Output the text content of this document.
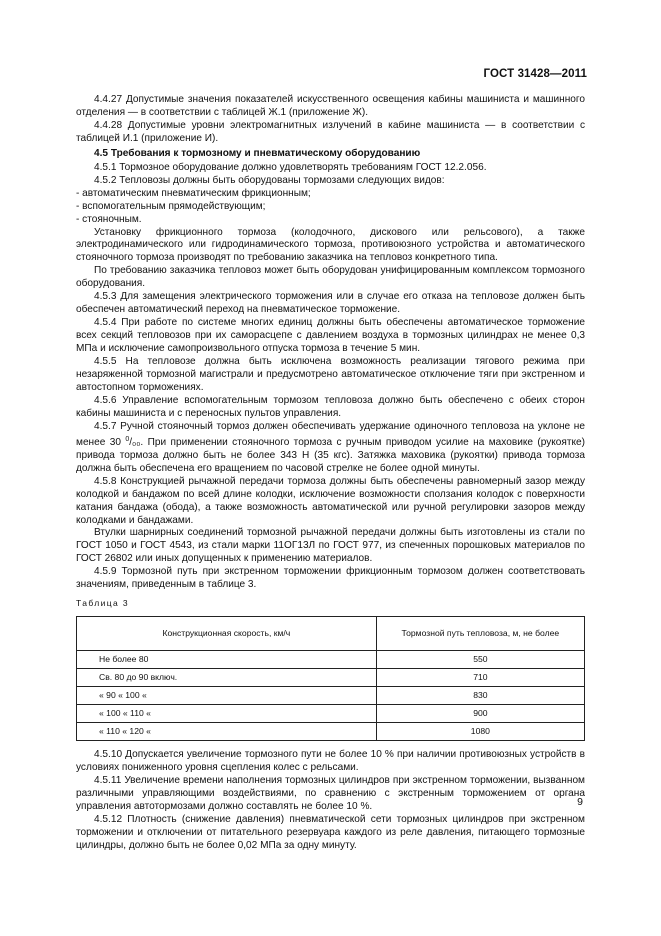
ГОСТ 31428—2011

4.4.27 Допустимые значения показателей искусственного освещения кабины машиниста и машинного отделения — в соответствии с таблицей Ж.1 (приложение Ж).

4.4.28 Допустимые уровни электромагнитных излучений в кабине машиниста — в соответствии с таблицей И.1 (приложение И).

4.5 Требования к тормозному и пневматическому оборудованию

4.5.1 Тормозное оборудование должно удовлетворять требованиям ГОСТ 12.2.056.

4.5.2 Тепловозы должны быть оборудованы тормозами следующих видов:

- автоматическим пневматическим фрикционным;

- вспомогательным прямодействующим;

- стояночным.

Установку фрикционного тормоза (колодочного, дискового или рельсового), а также электродинамического или гидродинамического тормоза, противоюзного устройства и автоматического стояночного тормоза производят по требованию заказчика на тепловоз конкретного типа.

По требованию заказчика тепловоз может быть оборудован унифицированным комплексом тормозного оборудования.

4.5.3 Для замещения электрического торможения или в случае его отказа на тепловозе должен быть обеспечен автоматический переход на пневматическое торможение.

4.5.4 При работе по системе многих единиц должны быть обеспечены автоматическое торможение всех секций тепловозов при их саморасцепе с давлением воздуха в тормозных цилиндрах не менее 0,3 МПа и исключение самопроизвольного отпуска тормоза в течение 5 мин.

4.5.5 На тепловозе должна быть исключена возможность реализации тягового режима при незаряженной тормозной магистрали и предусмотрено автоматическое отключение тяги при экстренном и автостопном торможениях.

4.5.6 Управление вспомогательным тормозом тепловоза должно быть обеспечено с обеих сторон кабины машиниста и с переносных пультов управления.

4.5.7 Ручной стояночный тормоз должен обеспечивать удержание одиночного тепловоза на уклоне не менее 30 $^0$/₀₀. При применении стояночного тормоза с ручным приводом усилие на маховике (рукоятке) привода тормоза должно быть не более 343 Н (35 кгс). Затяжка маховика (рукоятки) привода тормоза должна быть обеспечена его вращением по часовой стрелке не более одной минуты.

4.5.8 Конструкцией рычажной передачи тормоза должны быть обеспечены равномерный зазор между колодкой и бандажом по всей длине колодки, исключение возможности сползания колодок с поверхности катания бандажа (обода), а также возможность автоматической или ручной регулировки зазоров между колодками и бандажами.

Втулки шарнирных соединений тормозной рычажной передачи должны быть изготовлены из стали по ГОСТ 1050 и ГОСТ 4543, из стали марки 11ОГ13Л по ГОСТ 977, из спеченных порошковых материалов по ГОСТ 26802 или иных допущенных к применению материалов.

4.5.9 Тормозной путь при экстренном торможении фрикционным тормозом должен соответствовать значениям, приведенным в таблице 3.

Таблица 3

Конструкционная скорость, км/ч	Тормозной путь тепловоза, м, не более
Не более 80	550
Св. 80 до 90 включ.	710
« 90 « 100 «	830
« 100 « 110 «	900
« 110 « 120 «	1080

4.5.10 Допускается увеличение тормозного пути не более 10 % при наличии противоюзных устройств в условиях пониженного уровня сцепления колес с рельсами.

4.5.11 Увеличение времени наполнения тормозных цилиндров при экстренном торможении, вызванном различными управляющими воздействиями, по сравнению с экстренным торможением от органа управления автотормозами должно составлять не более 10 %.

4.5.12 Плотность (снижение давления) пневматической сети тормозных цилиндров при экстренном торможении и отключении от питательного резервуара каждого из реле давления, питающего тормозные цилиндры, должно быть не более 0,02 МПа за одну минуту.

9
